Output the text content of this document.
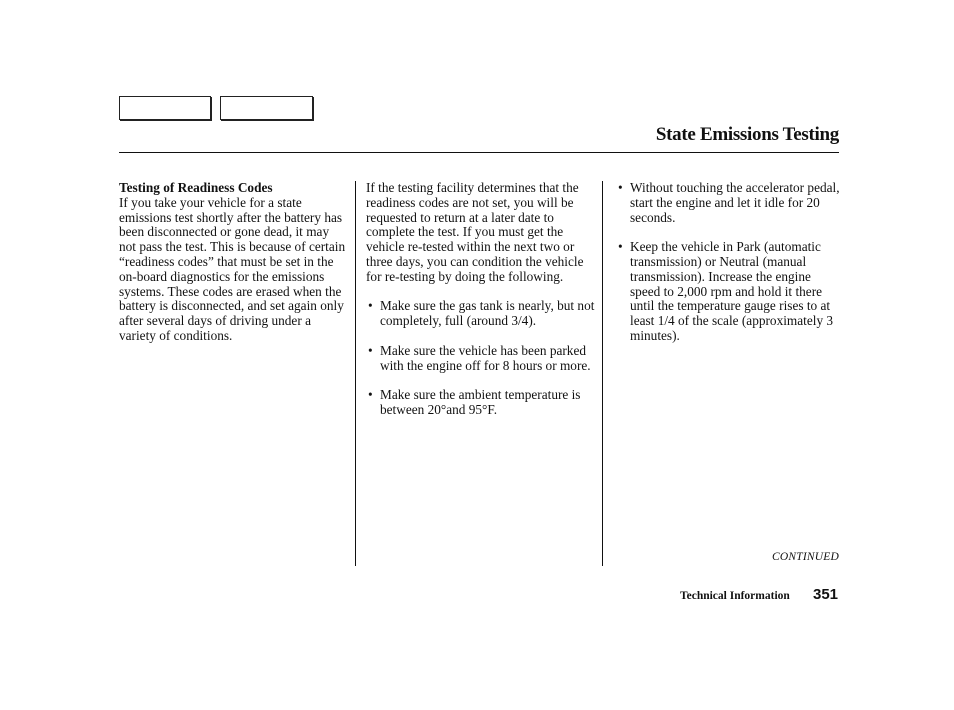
State Emissions Testing
Testing of Readiness Codes

If you take your vehicle for a state emissions test shortly after the battery has been disconnected or gone dead, it may not pass the test. This is because of certain “readiness codes” that must be set in the on-board diagnostics for the emissions systems. These codes are erased when the battery is disconnected, and set again only after several days of driving under a variety of conditions.

If the testing facility determines that the readiness codes are not set, you will be requested to return at a later date to complete the test. If you must get the vehicle re-tested within the next two or three days, you can condition the vehicle for re-testing by doing the following.

• Make sure the gas tank is nearly, but not completely, full (around 3/4).
• Make sure the vehicle has been parked with the engine off for 8 hours or more.
• Make sure the ambient temperature is between 20°and 95°F.
• Without touching the accelerator pedal, start the engine and let it idle for 20 seconds.
• Keep the vehicle in Park (automatic transmission) or Neutral (manual transmission). Increase the engine speed to 2,000 rpm and hold it there until the temperature gauge rises to at least 1/4 of the scale (approximately 3 minutes).
CONTINUED
Technical Information 351
